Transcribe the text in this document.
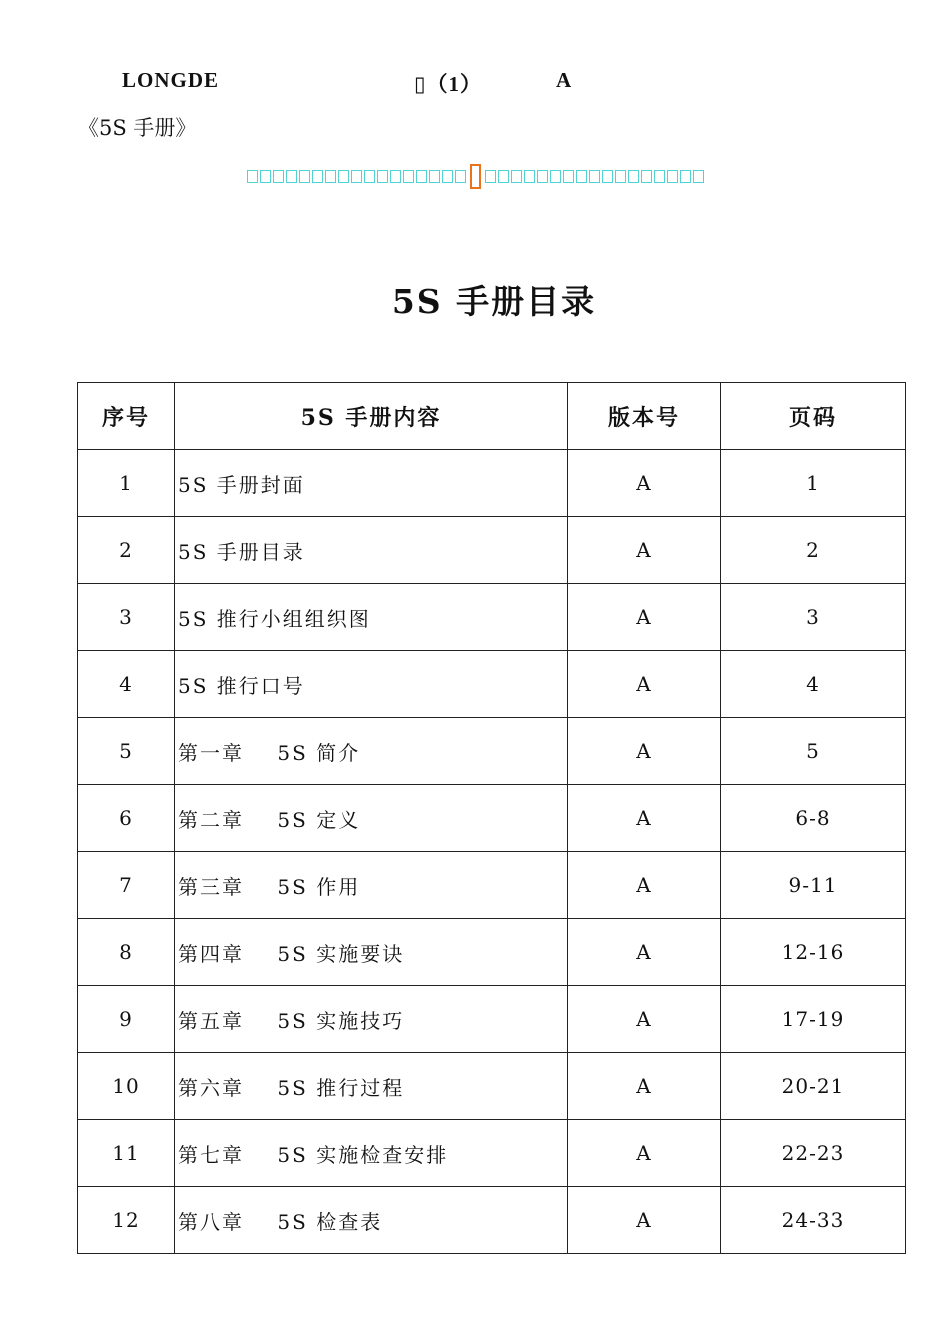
LONGDE	▯（1）	A
《5S 手册》
5S 手册目录
序号	5S 手册内容	版本号	页码
1	5S 手册封面	A	1
2	5S 手册目录	A	2
3	5S 推行小组组织图	A	3
4	5S 推行口号	A	4
5	第一章    5S 简介	A	5
6	第二章    5S 定义	A	6-8
7	第三章    5S 作用	A	9-11
8	第四章    5S 实施要诀	A	12-16
9	第五章    5S 实施技巧	A	17-19
10	第六章    5S 推行过程	A	20-21
11	第七章    5S 实施检查安排	A	22-23
12	第八章    5S 检查表	A	24-33
